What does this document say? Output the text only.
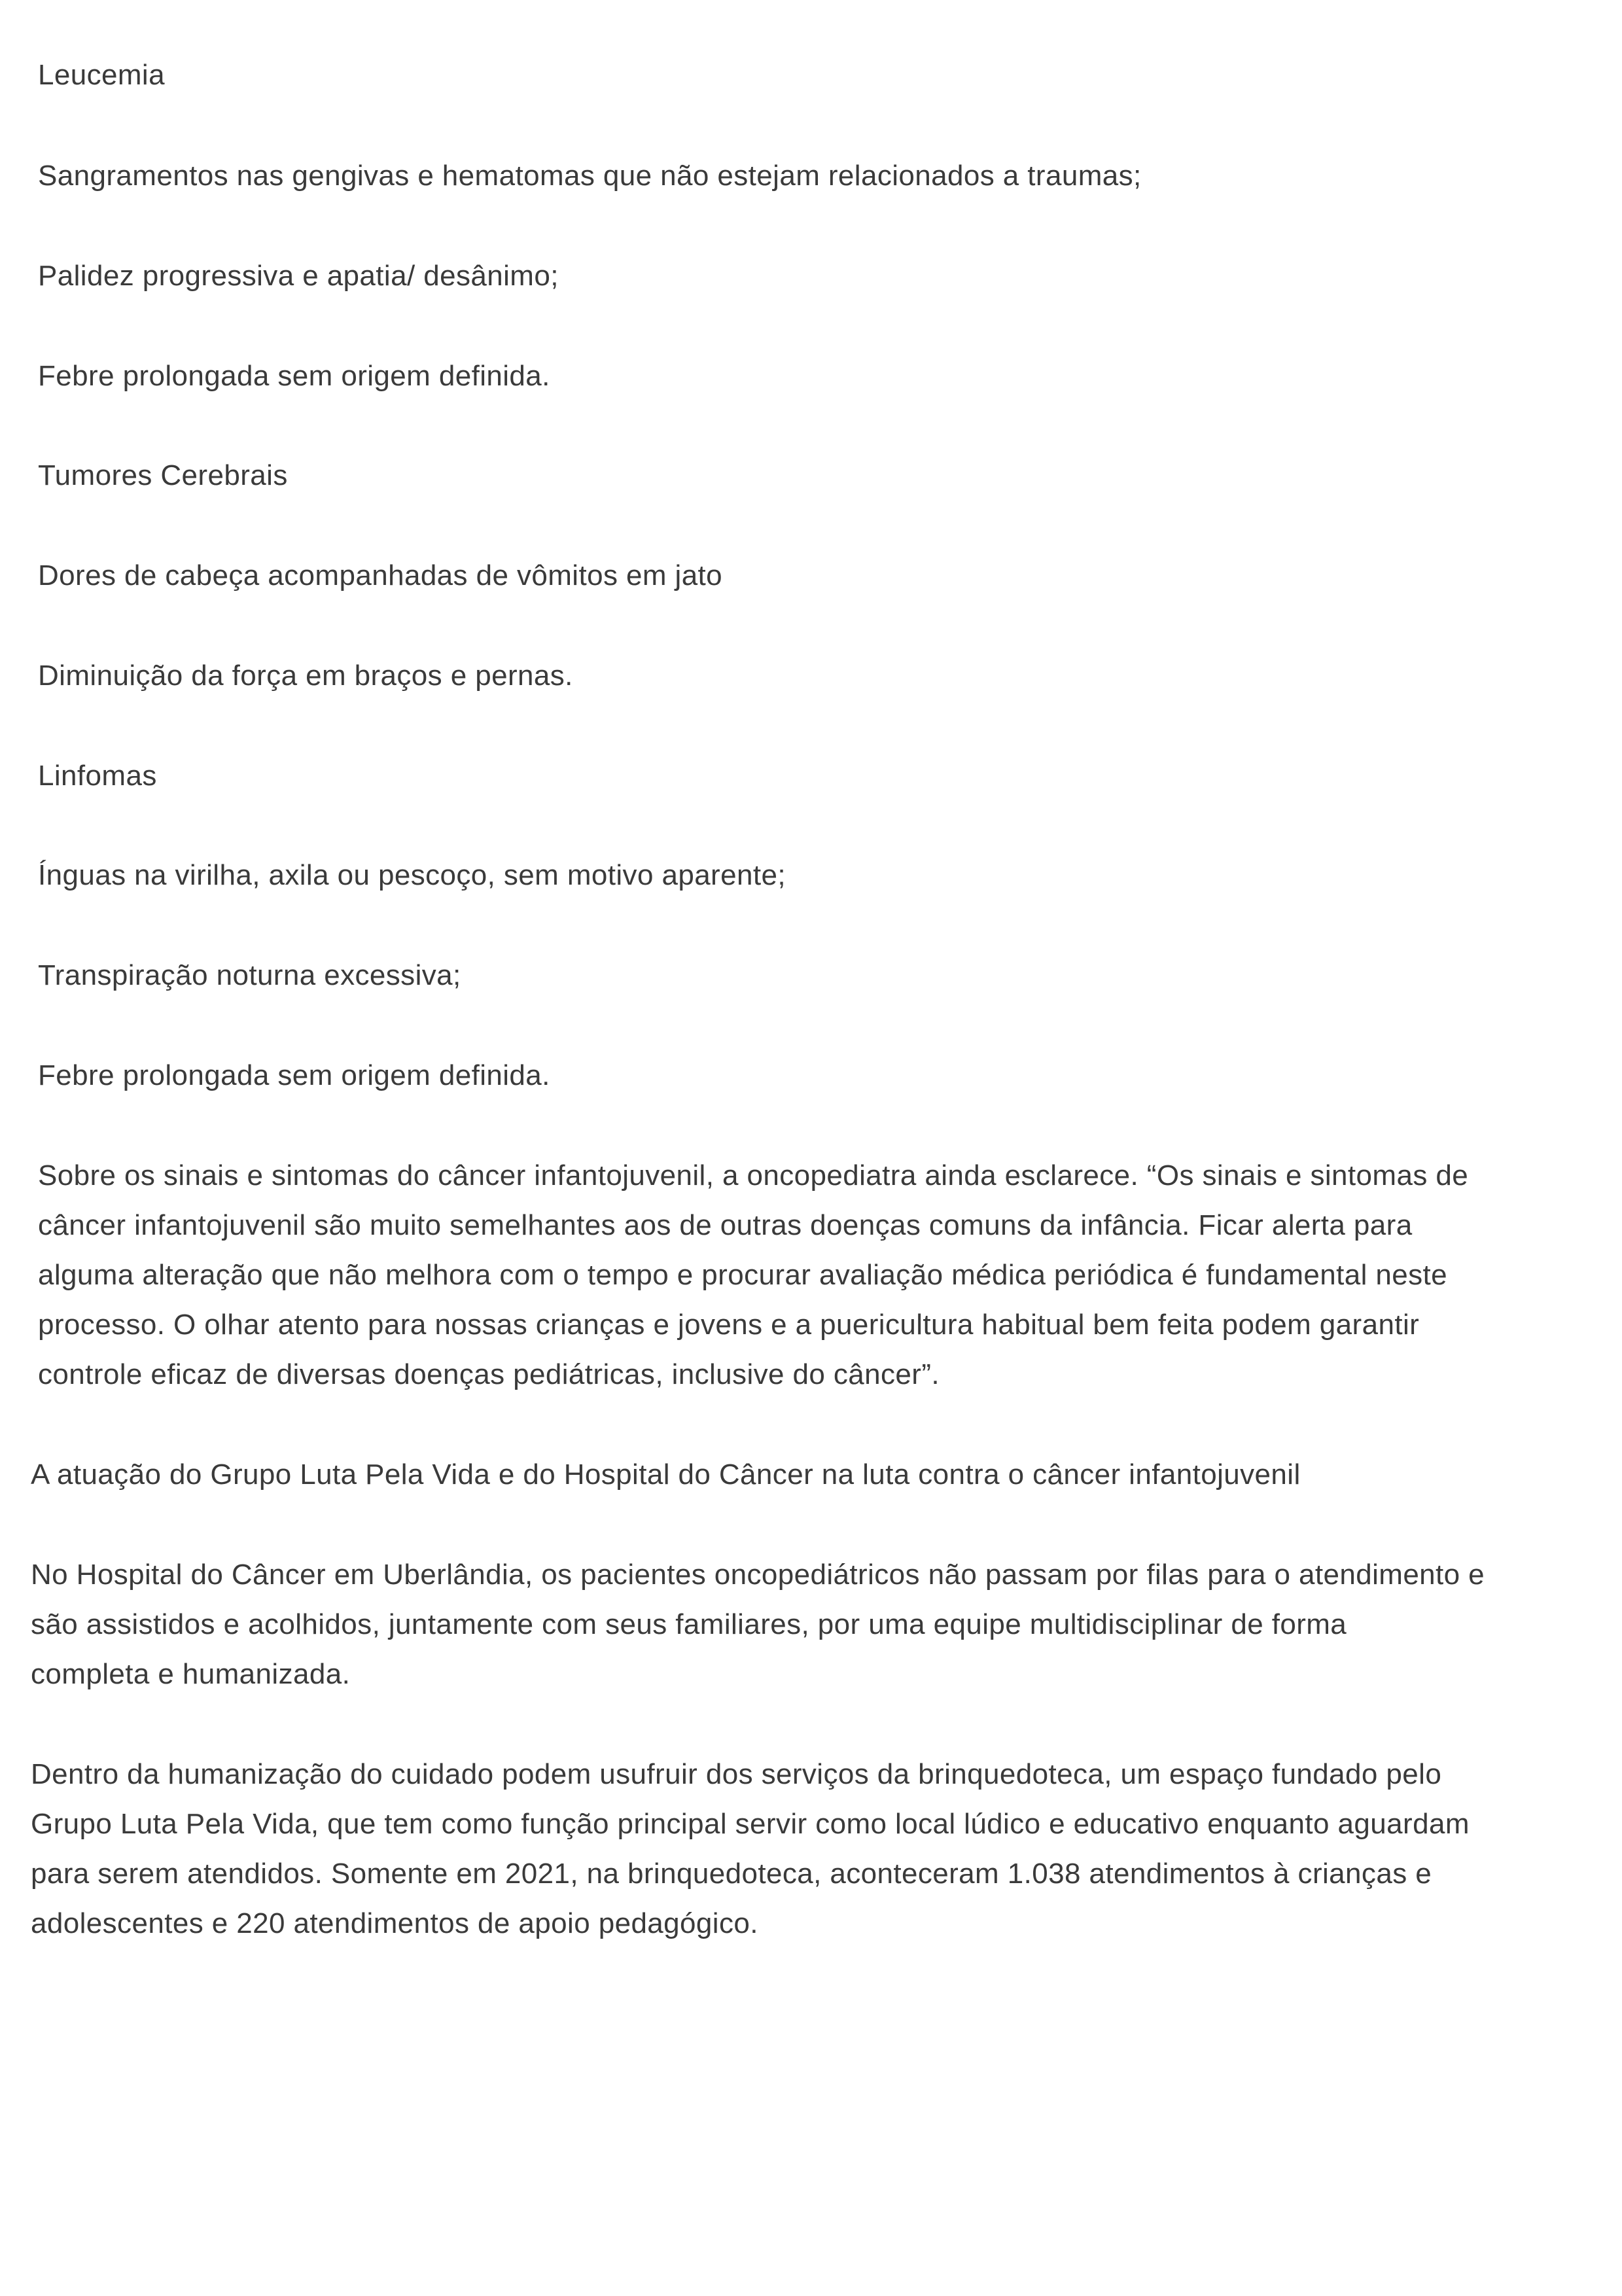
Leucemia

Sangramentos nas gengivas e hematomas que não estejam relacionados a traumas;

Palidez progressiva e apatia/ desânimo;

Febre prolongada sem origem definida.

Tumores Cerebrais

Dores de cabeça acompanhadas de vômitos em jato

Diminuição da força em braços e pernas.

Linfomas

Ínguas na virilha, axila ou pescoço, sem motivo aparente;

Transpiração noturna excessiva;

Febre prolongada sem origem definida.

Sobre os sinais e sintomas do câncer infantojuvenil, a oncopediatra ainda esclarece. “Os sinais e sintomas de

câncer infantojuvenil são muito semelhantes aos de outras doenças comuns da infância. Ficar alerta para

alguma alteração que não melhora com o tempo e procurar avaliação médica periódica é fundamental neste

processo. O olhar atento para nossas crianças e jovens e a puericultura habitual bem feita podem garantir

controle eficaz de diversas doenças pediátricas, inclusive do câncer”.

A atuação do Grupo Luta Pela Vida e do Hospital do Câncer na luta contra o câncer infantojuvenil

No Hospital do Câncer em Uberlândia, os pacientes oncopediátricos não passam por filas para o atendimento e

são assistidos e acolhidos, juntamente com seus familiares, por uma equipe multidisciplinar de forma

completa e humanizada.

Dentro da humanização do cuidado podem usufruir dos serviços da brinquedoteca, um espaço fundado pelo

Grupo Luta Pela Vida, que tem como função principal servir como local lúdico e educativo enquanto aguardam

para serem atendidos. Somente em 2021, na brinquedoteca, aconteceram 1.038 atendimentos à crianças e

adolescentes e 220 atendimentos de apoio pedagógico.
